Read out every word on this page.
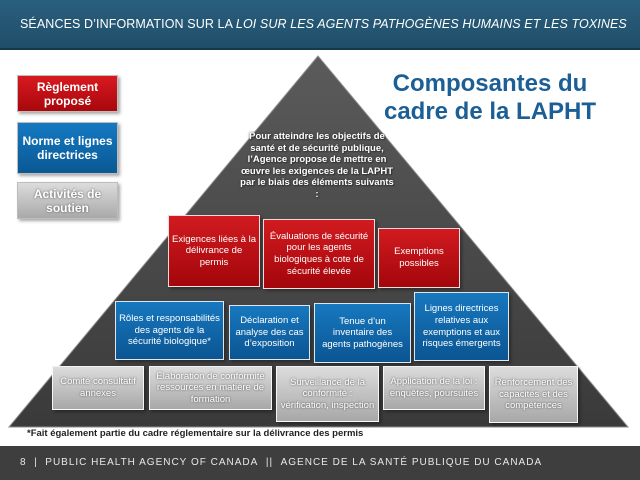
SÉANCES D’INFORMATION SUR LA LOI SUR LES AGENTS PATHOGÈNES HUMAINS ET LES TOXINES
Règlement proposé
Norme et lignes directrices
Activités de soutien
Composantes du cadre de la LAPHT
Pour atteindre les objectifs de santé et de sécurité publique, l’Agence propose de mettre en œuvre les exigences de la LAPHT par le biais des éléments suivants :
Exigences liées à la délivrance de permis
Évaluations de sécurité pour les agents biologiques à cote de sécurité élevée
Exemptions possibles
Rôles et responsabilités des agents de la sécurité biologique*
Déclaration et analyse des cas d’exposition
Tenue d’un inventaire des agents pathogènes
Lignes directrices relatives aux exemptions et aux risques émergents
Comité consultatif annexes
Élaboration de conformité ressources en matière de formation
Surveillance de la conformité : vérification, inspection
Application de la loi : enquêtes, poursuites
Renforcement des capacités et des compétences
*Fait également partie du cadre réglementaire sur la délivrance des permis
8  |  PUBLIC HEALTH AGENCY OF CANADA  ||  AGENCE DE LA SANTÉ PUBLIQUE DU CANADA
